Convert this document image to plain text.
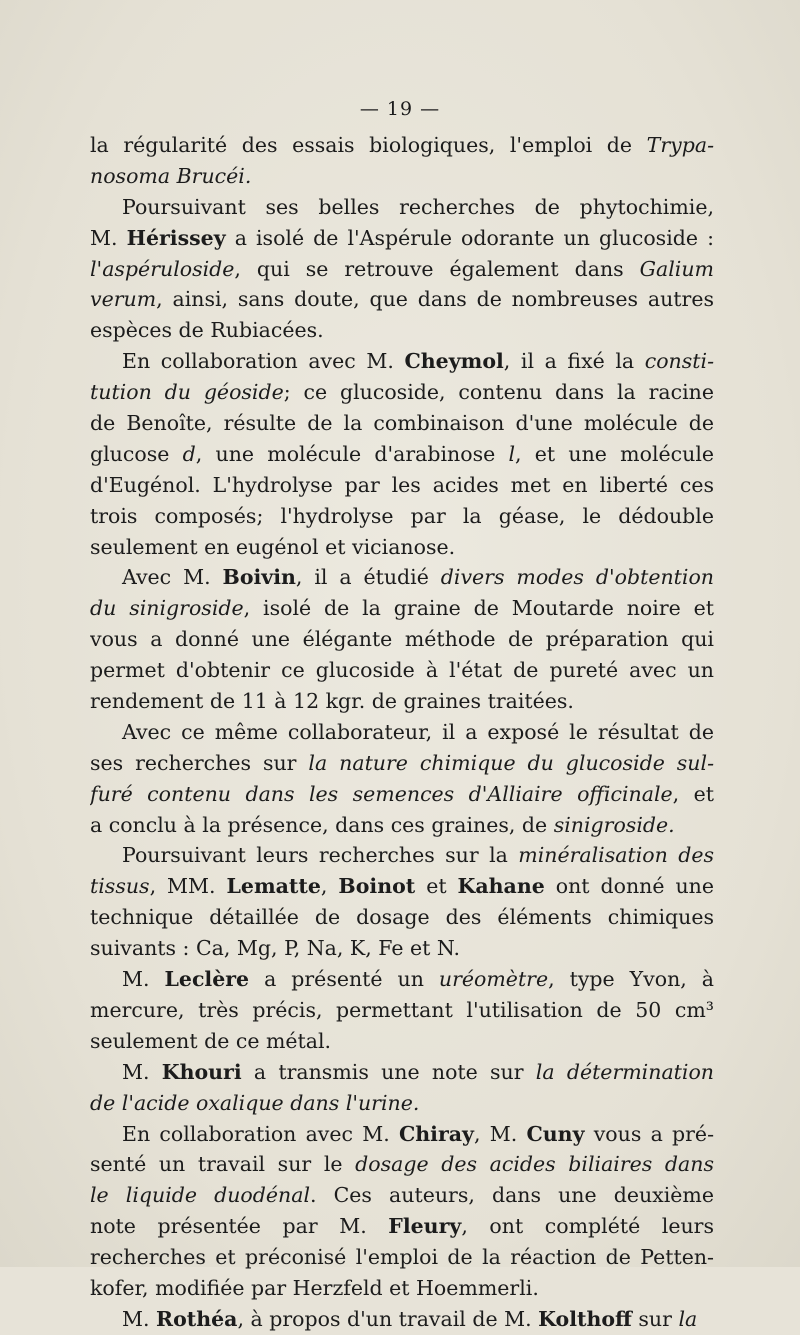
— 19 —
la régularité des essais biologiques, l'emploi de Trypa-
nosoma Brucéi.
Poursuivant ses belles recherches de phytochimie,
M. Hérissey a isolé de l'Aspérule odorante un glucoside :
l'aspéruloside, qui se retrouve également dans Galium
verum, ainsi, sans doute, que dans de nombreuses autres
espèces de Rubiacées.
En collaboration avec M. Cheymol, il a fixé la consti-
tution du géoside; ce glucoside, contenu dans la racine
de Benoîte, résulte de la combinaison d'une molécule de
glucose d, une molécule d'arabinose l, et une molécule
d'Eugénol. L'hydrolyse par les acides met en liberté ces
trois composés; l'hydrolyse par la géase, le dédouble
seulement en eugénol et vicianose.
Avec M. Boivin, il a étudié divers modes d'obtention
du sinigroside, isolé de la graine de Moutarde noire et
vous a donné une élégante méthode de préparation qui
permet d'obtenir ce glucoside à l'état de pureté avec un
rendement de 11 à 12 kgr. de graines traitées.
Avec ce même collaborateur, il a exposé le résultat de
ses recherches sur la nature chimique du glucoside sul-
furé contenu dans les semences d'Alliaire officinale, et
a conclu à la présence, dans ces graines, de sinigroside.
Poursuivant leurs recherches sur la minéralisation des
tissus, MM. Lematte, Boinot et Kahane ont donné une
technique détaillée de dosage des éléments chimiques
suivants : Ca, Mg, P, Na, K, Fe et N.
M. Leclère a présenté un uréomètre, type Yvon, à
mercure, très précis, permettant l'utilisation de 50 cm³
seulement de ce métal.
M. Khouri a transmis une note sur la détermination
de l'acide oxalique dans l'urine.
En collaboration avec M. Chiray, M. Cuny vous a pré-
senté un travail sur le dosage des acides biliaires dans
le liquide duodénal. Ces auteurs, dans une deuxième
note présentée par M. Fleury, ont complété leurs
recherches et préconisé l'emploi de la réaction de Petten-
kofer, modifiée par Herzfeld et Hoemmerli.
M. Rothéa, à propos d'un travail de M. Kolthoff sur la
